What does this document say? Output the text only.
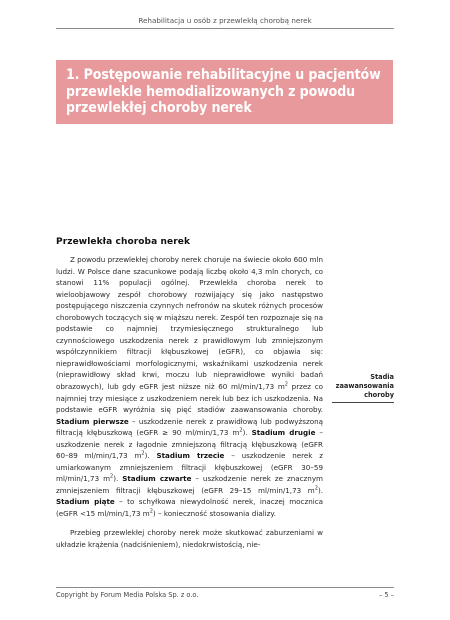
Rehabilitacja u osób z przewlekłą chorobą nerek
1. Postępowanie rehabilitacyjne u pacjentów przewlekle hemodializowanych z powodu przewlekłej choroby nerek
Przewlekła choroba nerek

Z powodu przewlekłej choroby nerek choruje na świecie około 600 mln ludzi. W Polsce dane szacunkowe podają liczbę około 4,3 mln chorych, co stanowi 11% populacji ogólnej. Przewlekła choroba nerek to wieloobjawowy zespół chorobowy rozwijający się jako następstwo postępującego niszczenia czynnych nefronów na skutek różnych procesów chorobowych toczących się w miąższu nerek. Zespół ten rozpoznaje się na podstawie co najmniej trzymiesięcznego strukturalnego lub czynnościowego uszkodzenia nerek z prawidłowym lub zmniejszonym współczynnikiem filtracji kłębuszkowej (eGFR), co objawia się: nieprawidłowościami morfologicznymi, wskaźnikami uszkodzenia nerek (nieprawidłowy skład krwi, moczu lub nieprawidłowe wyniki badań obrazowych), lub gdy eGFR jest niższe niż 60 ml/min/1,73 $m^2$ przez co najmniej trzy miesiące z uszkodzeniem nerek lub bez ich uszkodzenia. Na podstawie eGFR wyróżnia się pięć stadiów zaawansowania choroby. Stadium pierwsze – uszkodzenie nerek z prawidłową lub podwyższoną filtracją kłębuszkową (eGFR ≥ 90 ml/min/1,73 $m^2$). Stadium drugie – uszkodzenie nerek z łagodnie zmniejszoną filtracją kłębuszkową (eGFR 60–89 ml/min/1,73 $m^2$). Stadium trzecie – uszkodzenie nerek z umiarkowanym zmniejszeniem filtracji kłębuszkowej (eGFR 30–59 ml/min/1,73 $m^2$). Stadium czwarte – uszkodzenie nerek ze znacznym zmniejszeniem filtracji kłębuszkowej (eGFR 29–15 ml/min/1,73 $m^2$). Stadium piąte – to schyłkowa niewydolność nerek, inaczej mocznica (eGFR <15 ml/min/1,73 $m^2$) – konieczność stosowania dializy.

Stadia zaawansowania choroby

Przebieg przewlekłej choroby nerek może skutkować zaburzeniami w układzie krążenia (nadciśnieniem), niedokrwistością, nie-

Copyright by Forum Media Polska Sp. z o.o.	– 5 –
